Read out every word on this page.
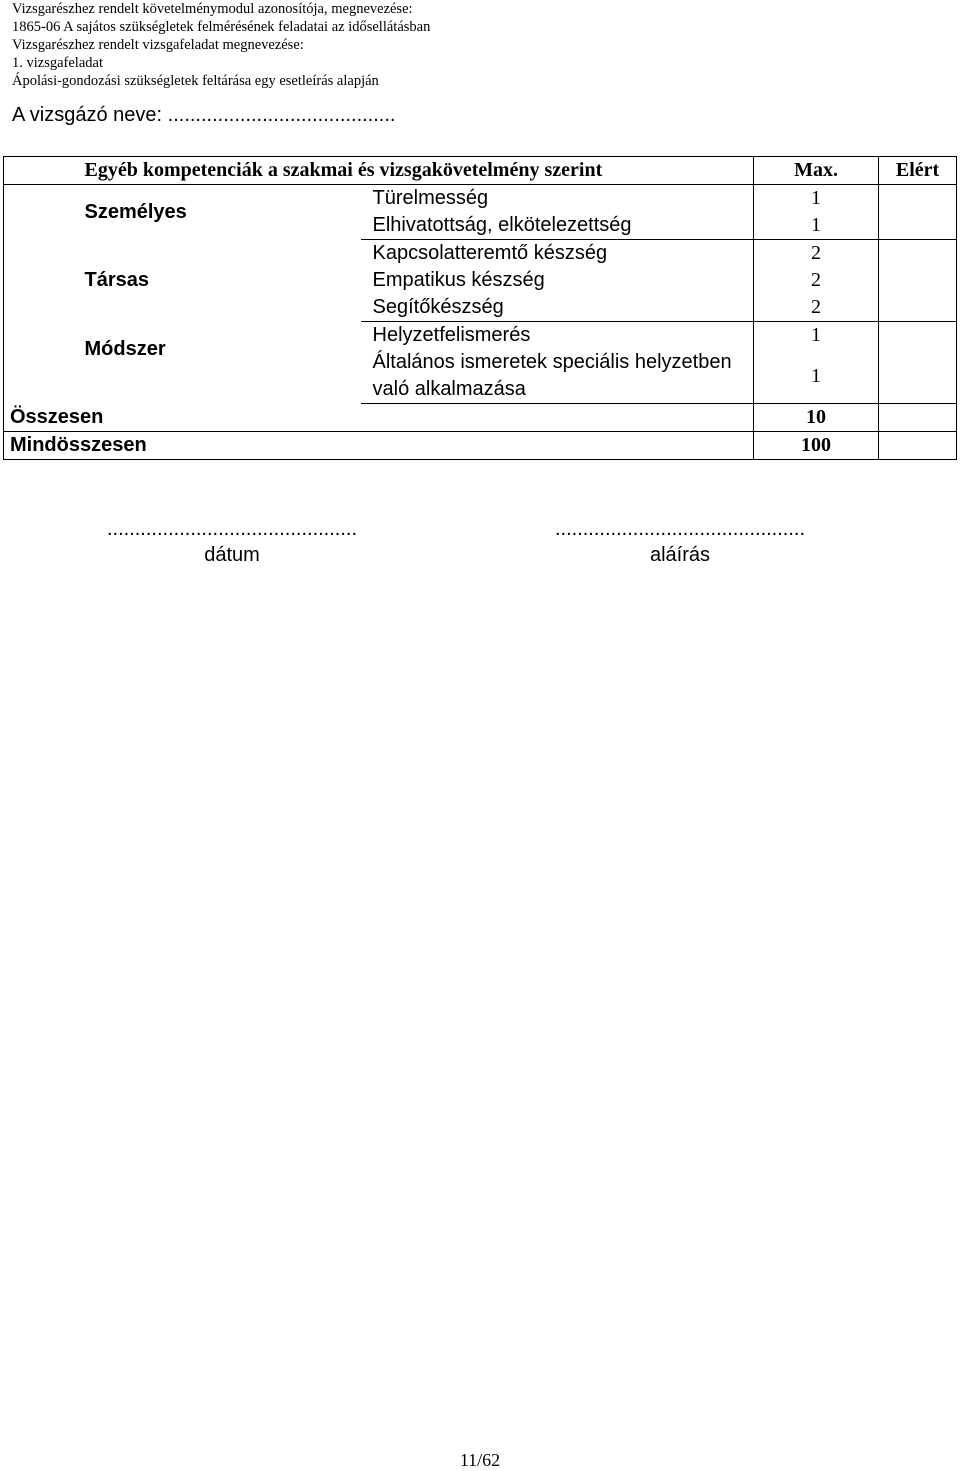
Vizsgarészhez rendelt követelménymodul azonosítója, megnevezése:
1865-06 A sajátos szükségletek felmérésének feladatai az idősellátásban
Vizsgarészhez rendelt vizsgafeladat megnevezése:
1. vizsgafeladat
Ápolási-gondozási szükségletek feltárása egy esetleírás alapján
A vizsgázó neve: .........................................
	Egyéb kompetenciák a szakmai és vizsgakövetelmény szerint		Max.	Elért
	Személyes	Türelmesség	1	
		Elhivatottság, elkötelezettség	1	
	Társas	Kapcsolatteremtő készség	2	
		Empatikus készség	2	
		Segítőkészség	2	
	Módszer	Helyzetfelismerés	1	
		Általános ismeretek speciális helyzetben való alkalmazása	1	
Összesen			10	
Mindösszesen			100	
.............................................
dátum
.............................................
aláírás
11/62
